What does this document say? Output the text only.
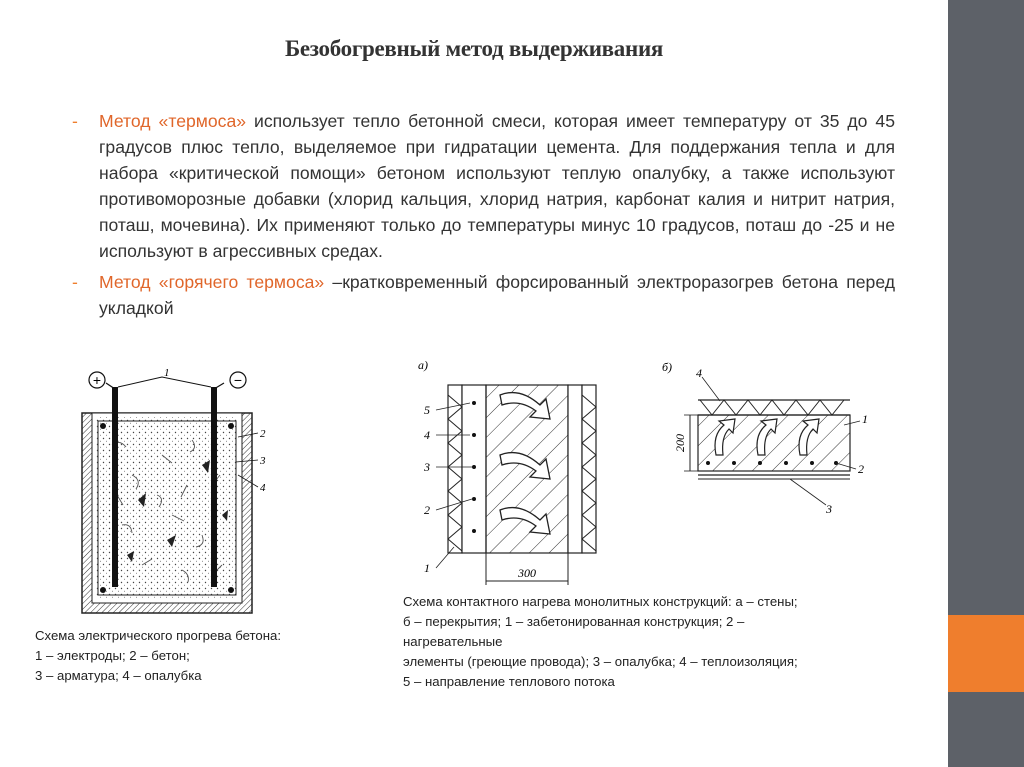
Безобогревный метод выдерживания
- Метод «термоса» использует тепло бетонной смеси, которая имеет температуру от 35 до 45 градусов плюс тепло, выделяемое при гидратации цемента. Для поддержания тепла и для набора «критической помощи» бетоном используют теплую опалубку, а также используют противоморозные добавки (хлорид кальция, хлорид натрия, карбонат калия и нитрит натрия, поташ, мочевина). Их применяют только до температуры минус 10 градусов, поташ до -25 и не используют в агрессивных средах.
- Метод «горячего термоса» –кратковременный форсированный электроразогрев бетона перед укладкой
+	−
1
2
3
4
Схема электрического прогрева бетона:
1 – электроды; 2 – бетон;
3 – арматура; 4 – опалубка
а)
300
5
4
3
2
1
б)
200
4
1
2
3
Схема контактного нагрева монолитных конструкций: а – стены;
б – перекрытия; 1 – забетонированная конструкция; 2 –
нагревательные
элементы (греющие провода); 3 – опалубка; 4 – теплоизоляция;
5 – направление теплового потока
